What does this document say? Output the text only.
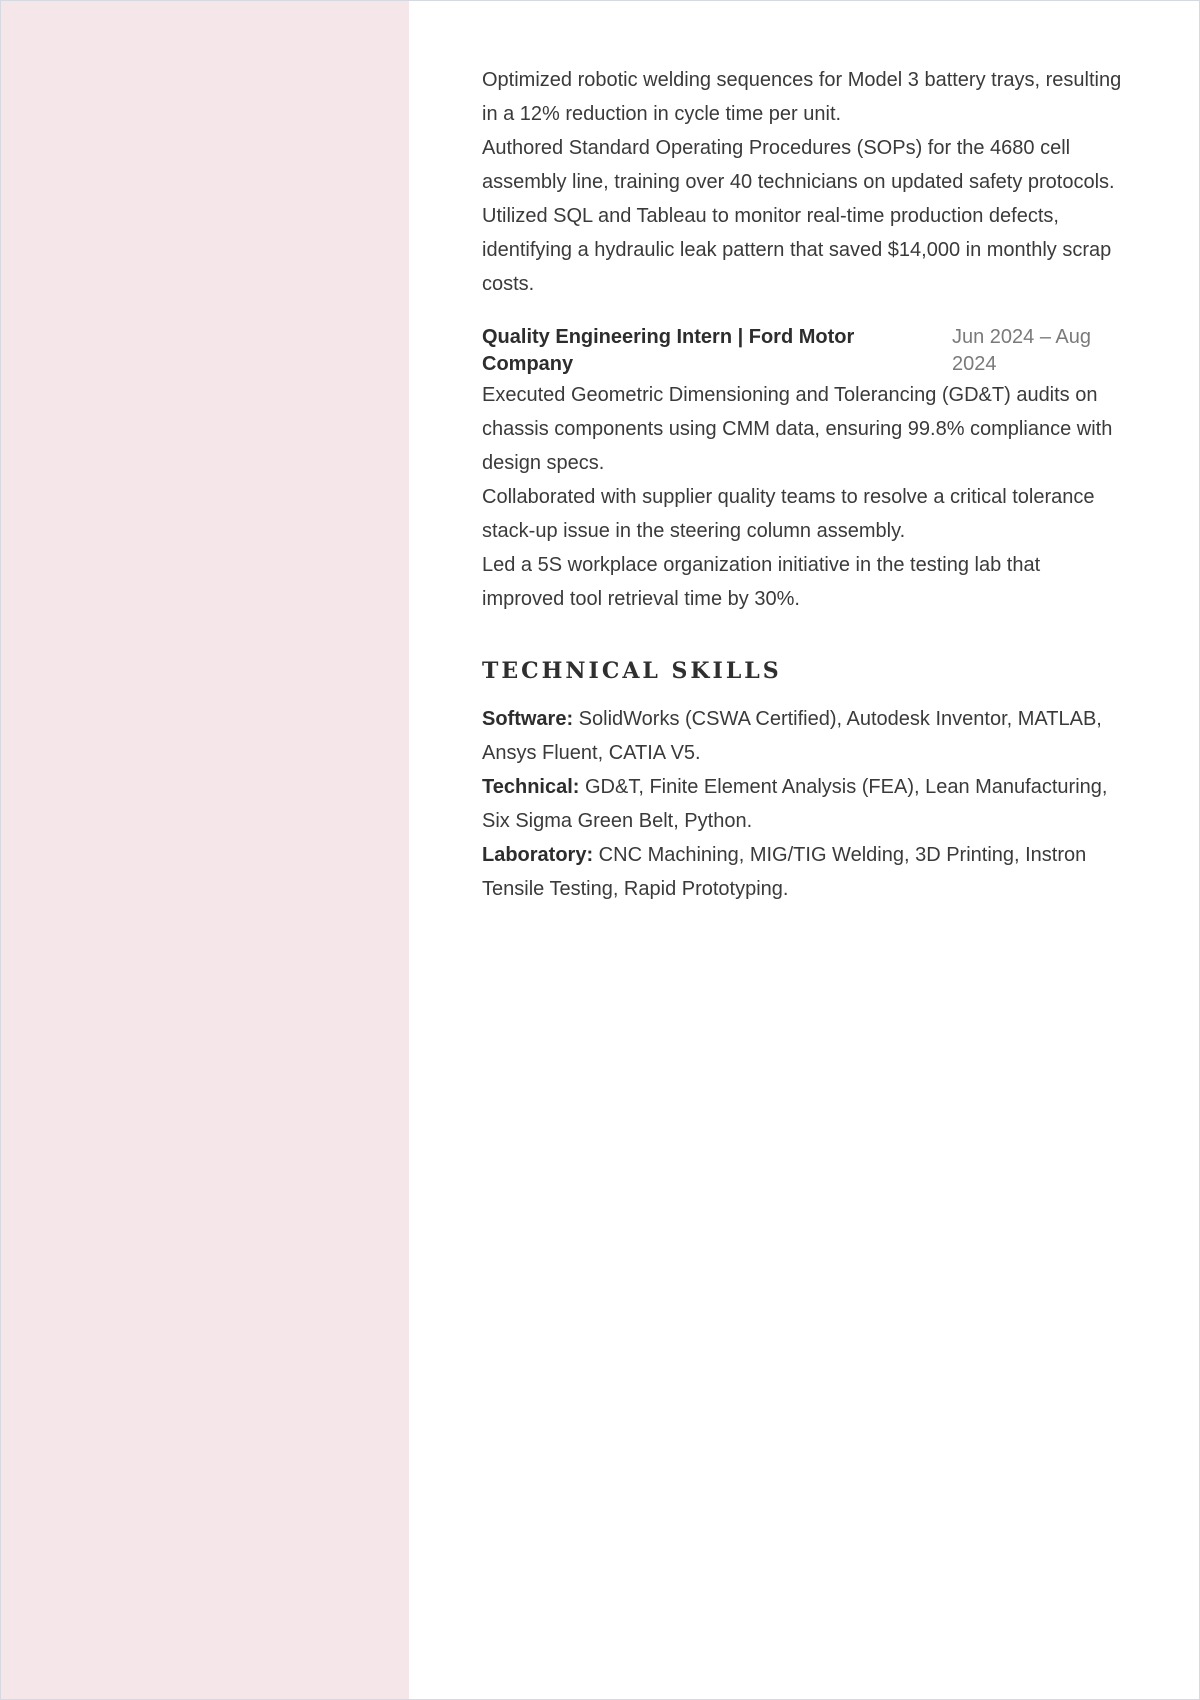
Optimized robotic welding sequences for Model 3 battery trays, resulting in a 12% reduction in cycle time per unit.
Authored Standard Operating Procedures (SOPs) for the 4680 cell assembly line, training over 40 technicians on updated safety protocols.
Utilized SQL and Tableau to monitor real-time production defects, identifying a hydraulic leak pattern that saved $14,000 in monthly scrap costs.
Quality Engineering Intern | Ford Motor Company
Jun 2024 – Aug 2024
Executed Geometric Dimensioning and Tolerancing (GD&T) audits on chassis components using CMM data, ensuring 99.8% compliance with design specs.
Collaborated with supplier quality teams to resolve a critical tolerance stack-up issue in the steering column assembly.
Led a 5S workplace organization initiative in the testing lab that improved tool retrieval time by 30%.
TECHNICAL SKILLS
Software: SolidWorks (CSWA Certified), Autodesk Inventor, MATLAB, Ansys Fluent, CATIA V5.
Technical: GD&T, Finite Element Analysis (FEA), Lean Manufacturing, Six Sigma Green Belt, Python.
Laboratory: CNC Machining, MIG/TIG Welding, 3D Printing, Instron Tensile Testing, Rapid Prototyping.
